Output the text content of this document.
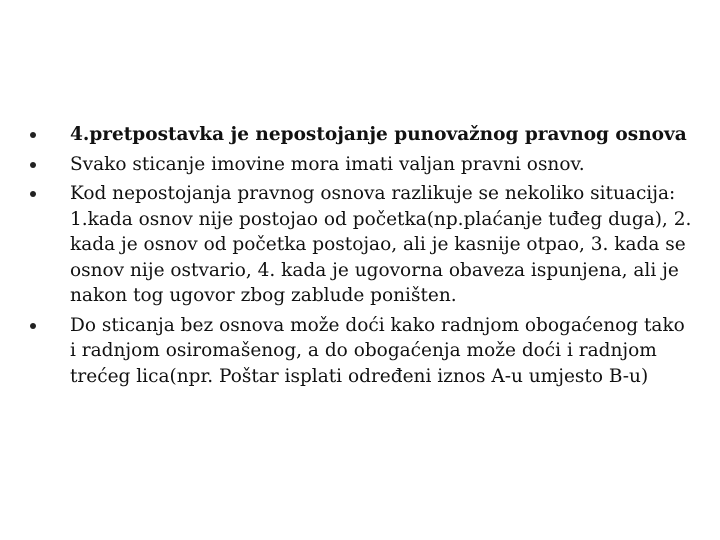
4.pretpostavka je nepostojanje punovažnog pravnog osnova
Svako sticanje imovine mora imati valjan pravni osnov.
Kod nepostojanja pravnog osnova razlikuje se nekoliko situacija: 1.kada osnov nije postojao od početka(np.plaćanje tuđeg duga), 2. kada je osnov od početka postojao, ali je kasnije otpao, 3. kada se osnov nije ostvario, 4. kada je ugovorna obaveza ispunjena, ali je nakon tog ugovor zbog zablude poništen.
Do sticanja bez osnova može doći kako radnjom obogaćenog tako i radnjom osiromašenog, a do obogaćenja može doći i radnjom trećeg lica(npr. Poštar isplati određeni iznos A-u umjesto B-u)
